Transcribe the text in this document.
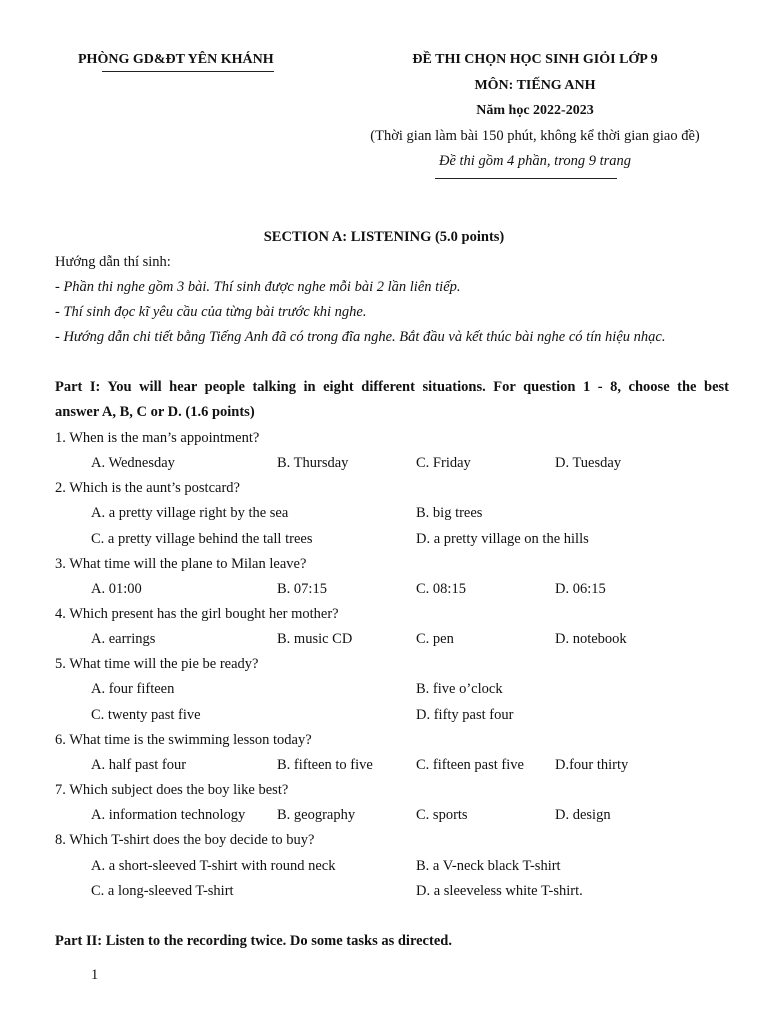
PHÒNG GD&ĐT YÊN KHÁNH	ĐỀ THI CHỌN HỌC SINH GIỎI LỚP 9
MÔN: TIẾNG ANH
Năm học 2022-2023
(Thời gian làm bài 150 phút, không kể thời gian giao đề)
Đề thi gồm 4 phần, trong 9 trang
SECTION A: LISTENING (5.0 points)
Hướng dẫn thí sinh:
- Phần thi nghe gồm 3 bài. Thí sinh được nghe mỗi bài 2 lần liên tiếp.
- Thí sinh đọc kĩ yêu cầu của từng bài trước khi nghe.
- Hướng dẫn chi tiết bằng Tiếng Anh đã có trong đĩa nghe. Bắt đầu và kết thúc bài nghe có tín hiệu nhạc.
Part I: You will hear people talking in eight different situations. For question 1 - 8, choose the best
answer A, B, C or D. (1.6 points)
1. When is the man’s appointment?
A. Wednesday	B. Thursday	C. Friday	D. Tuesday
2. Which is the aunt’s postcard?
A. a pretty village right by the sea	B. big trees
C. a pretty village behind the tall trees	D. a pretty village on the hills
3. What time will the plane to Milan leave?
A. 01:00	B. 07:15	C. 08:15	D. 06:15
4. Which present has the girl bought her mother?
A. earrings	B. music CD	C. pen	D. notebook
5. What time will the pie be ready?
A. four fifteen	B. five o’clock
C. twenty past five	D. fifty past four
6. What time is the swimming lesson today?
A. half past four	B. fifteen to five	C. fifteen past five D.four thirty
7. Which subject does the boy like best?
A. information technology B. geography	C. sports	D. design
8. Which T-shirt does the boy decide to buy?
A. a short-sleeved T-shirt with round neck	B. a V-neck black T-shirt
C. a long-sleeved T-shirt	D. a sleeveless white T-shirt.
Part II: Listen to the recording twice. Do some tasks as directed.
1
